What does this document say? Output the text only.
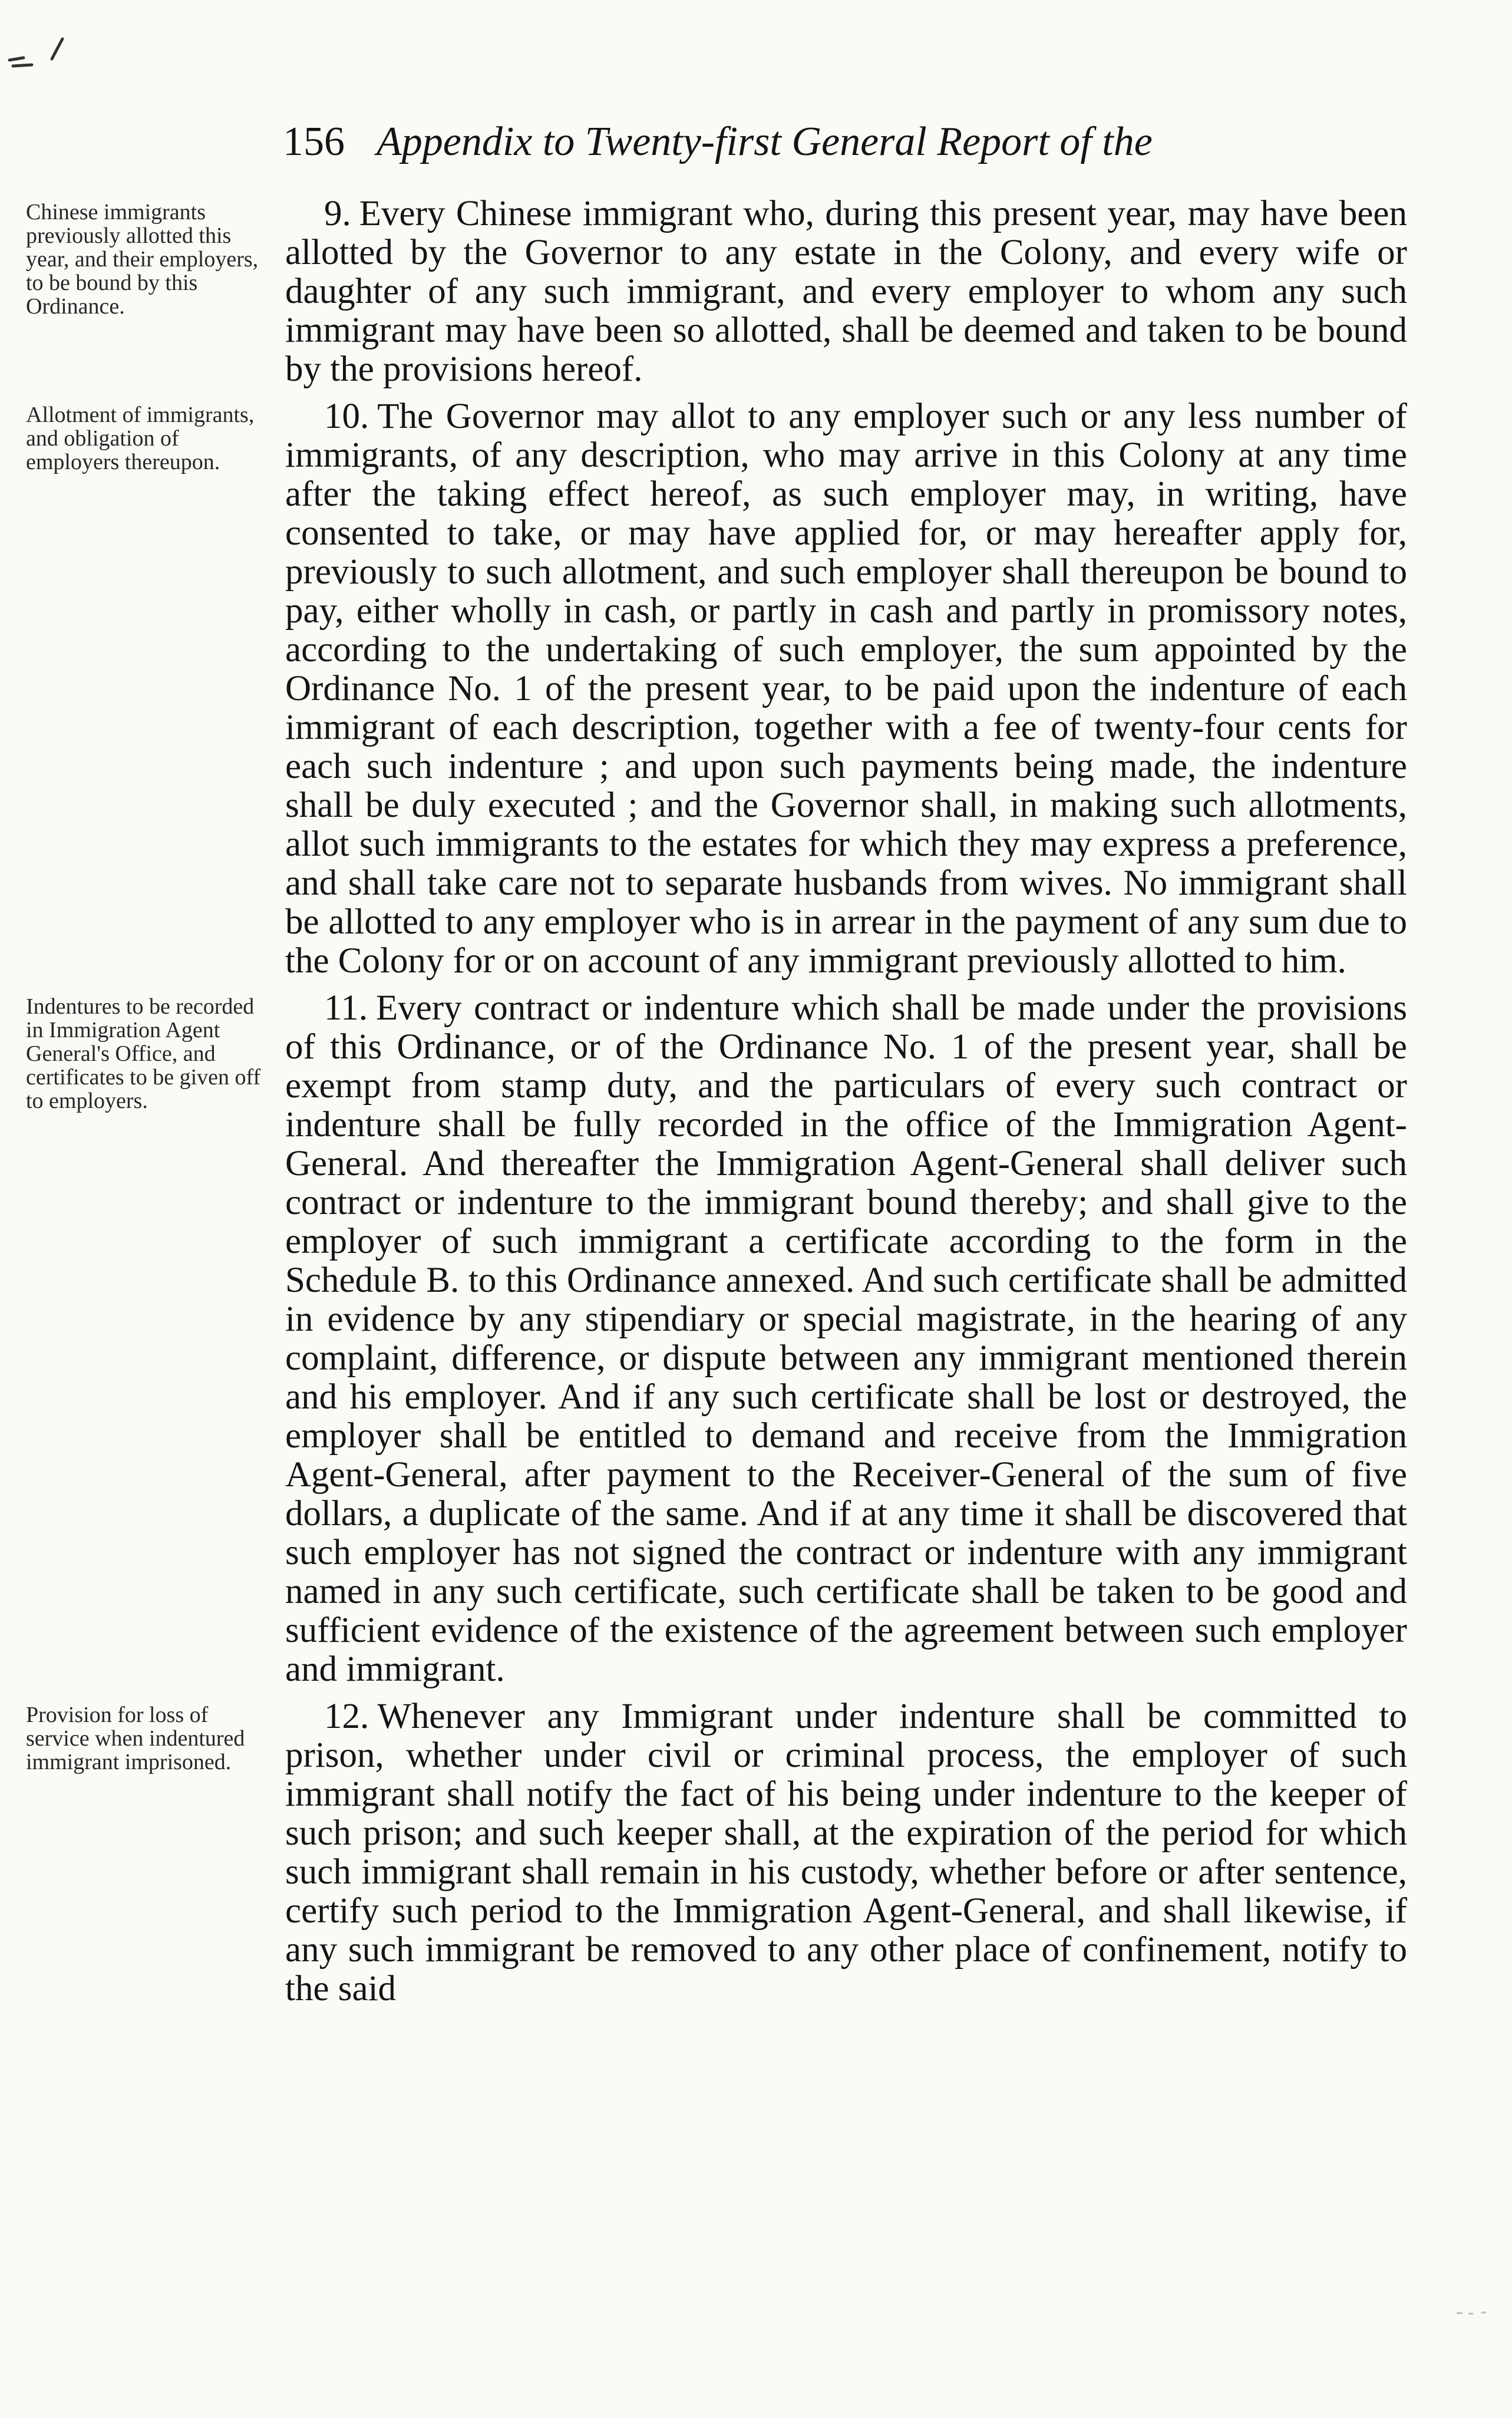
156 Appendix to Twenty-first General Report of the
Chinese immigrants previously allotted this year, and their employers, to be bound by this Ordinance.

9. Every Chinese immigrant who, during this present year, may have been allotted by the Governor to any estate in the Colony, and every wife or daughter of any such immigrant, and every employer to whom any such immigrant may have been so allotted, shall be deemed and taken to be bound by the provisions hereof.

Allotment of immigrants, and obligation of employers thereupon.

10. The Governor may allot to any employer such or any less number of immigrants, of any description, who may arrive in this Colony at any time after the taking effect hereof, as such employer may, in writing, have consented to take, or may have applied for, or may hereafter apply for, previously to such allotment, and such employer shall thereupon be bound to pay, either wholly in cash, or partly in cash and partly in promissory notes, according to the undertaking of such employer, the sum appointed by the Ordinance No. 1 of the present year, to be paid upon the indenture of each immigrant of each description, together with a fee of twenty-four cents for each such indenture ; and upon such payments being made, the indenture shall be duly executed ; and the Governor shall, in making such allotments, allot such immigrants to the estates for which they may express a preference, and shall take care not to separate husbands from wives. No immigrant shall be allotted to any employer who is in arrear in the payment of any sum due to the Colony for or on account of any immigrant previously allotted to him.

Indentures to be recorded in Immigration Agent General's Office, and certificates to be given off to employers.

11. Every contract or indenture which shall be made under the provisions of this Ordinance, or of the Ordinance No. 1 of the present year, shall be exempt from stamp duty, and the particulars of every such contract or indenture shall be fully recorded in the office of the Immigration Agent-General. And thereafter the Immigration Agent-General shall deliver such contract or indenture to the immigrant bound thereby; and shall give to the employer of such immigrant a certificate according to the form in the Schedule B. to this Ordinance annexed. And such certificate shall be admitted in evidence by any stipendiary or special magistrate, in the hearing of any complaint, difference, or dispute between any immigrant mentioned therein and his employer. And if any such certificate shall be lost or destroyed, the employer shall be entitled to demand and receive from the Immigration Agent-General, after payment to the Receiver-General of the sum of five dollars, a duplicate of the same. And if at any time it shall be discovered that such employer has not signed the contract or indenture with any immigrant named in any such certificate, such certificate shall be taken to be good and sufficient evidence of the existence of the agreement between such employer and immigrant.

Provision for loss of service when indentured immigrant imprisoned.

12. Whenever any Immigrant under indenture shall be committed to prison, whether under civil or criminal process, the employer of such immigrant shall notify the fact of his being under indenture to the keeper of such prison; and such keeper shall, at the expiration of the period for which such immigrant shall remain in his custody, whether before or after sentence, certify such period to the Immigration Agent-General, and shall likewise, if any such immigrant be removed to any other place of confinement, notify to the said
